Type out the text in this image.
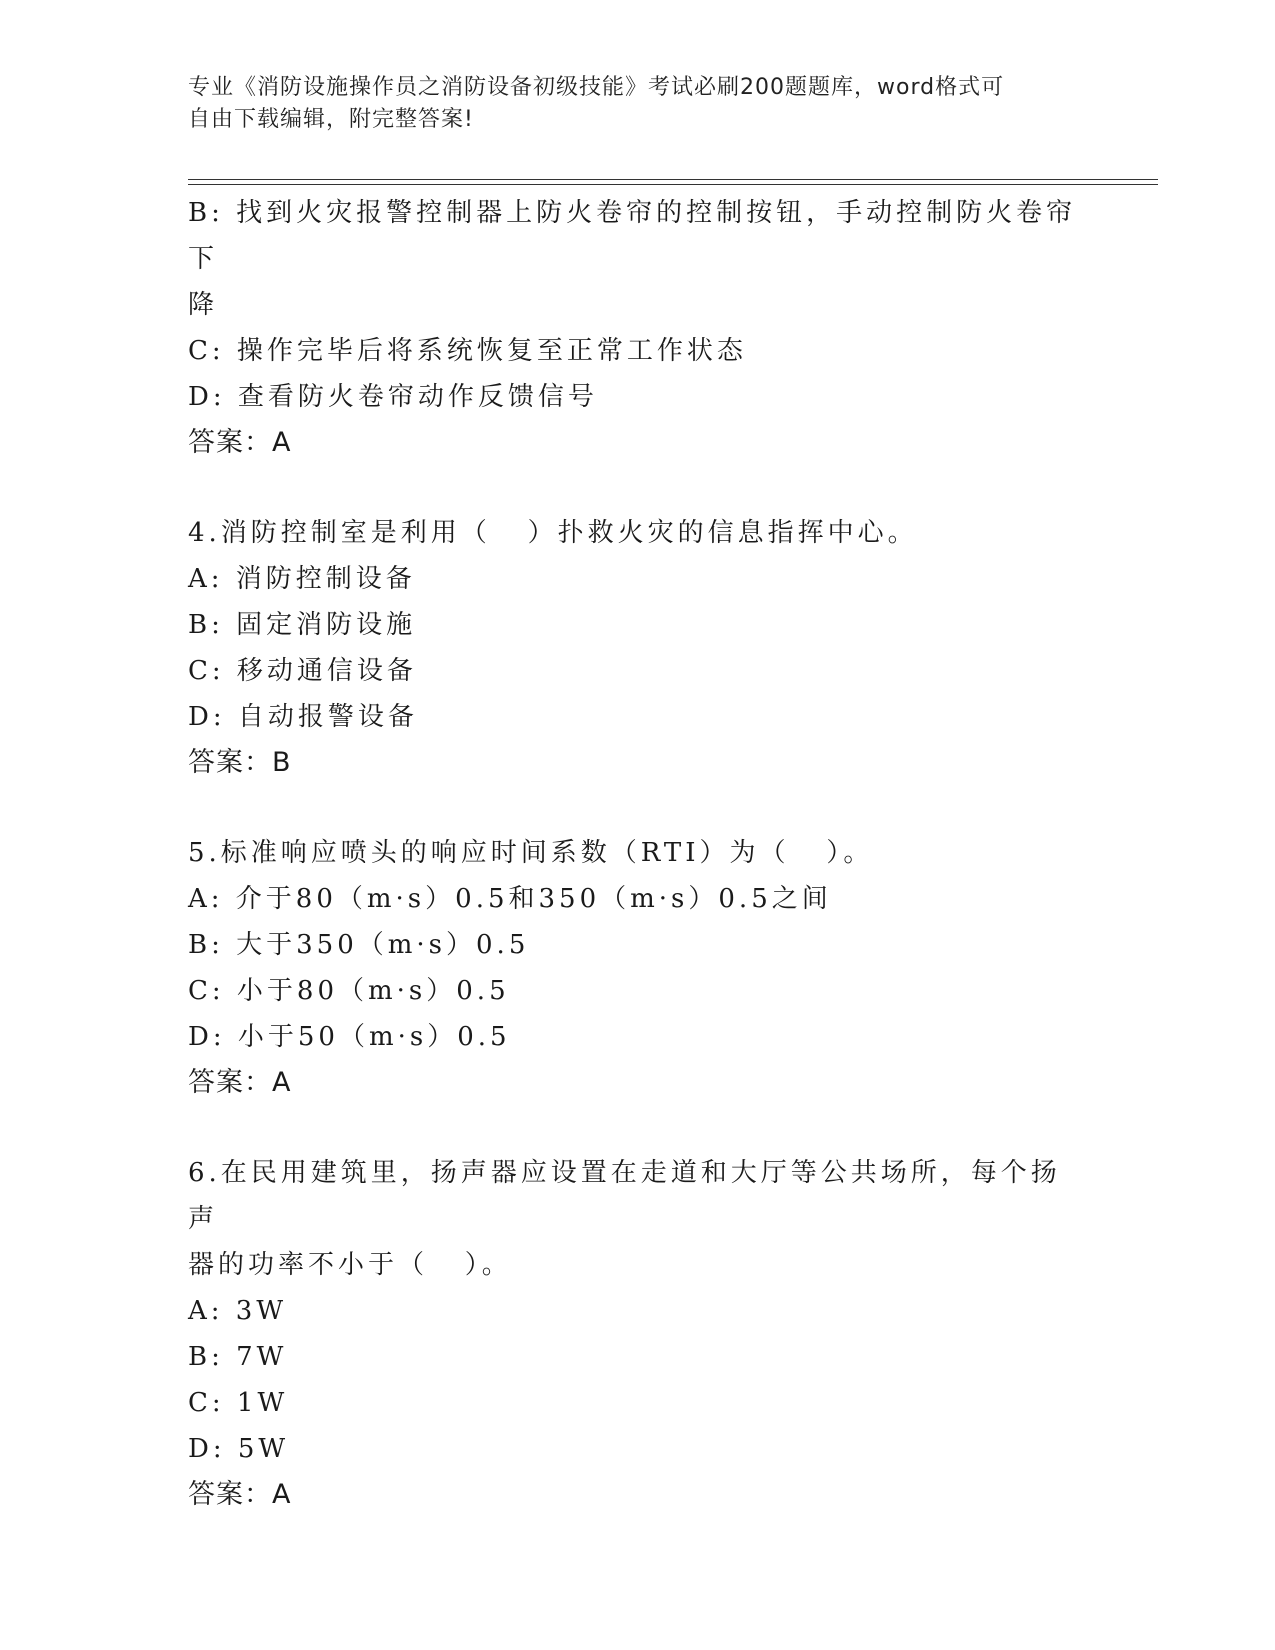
专业《消防设施操作员之消防设备初级技能》考试必刷200题题库，word格式可
自由下载编辑，附完整答案!
B: 找到火灾报警控制器上防火卷帘的控制按钮，手动控制防火卷帘下
降
C: 操作完毕后将系统恢复至正常工作状态
D: 查看防火卷帘动作反馈信号
答案：A
4.消防控制室是利用（   ）扑救火灾的信息指挥中心。
A: 消防控制设备
B: 固定消防设施
C: 移动通信设备
D: 自动报警设备
答案：B
5.标准响应喷头的响应时间系数（RTI）为（   ）。
A: 介于80（m·s）0.5和350（m·s）0.5之间
B: 大于350（m·s）0.5
C: 小于80（m·s）0.5
D: 小于50（m·s）0.5
答案：A
6.在民用建筑里，扬声器应设置在走道和大厅等公共场所，每个扬声
器的功率不小于（   ）。
A: 3W
B: 7W
C: 1W
D: 5W
答案：A
